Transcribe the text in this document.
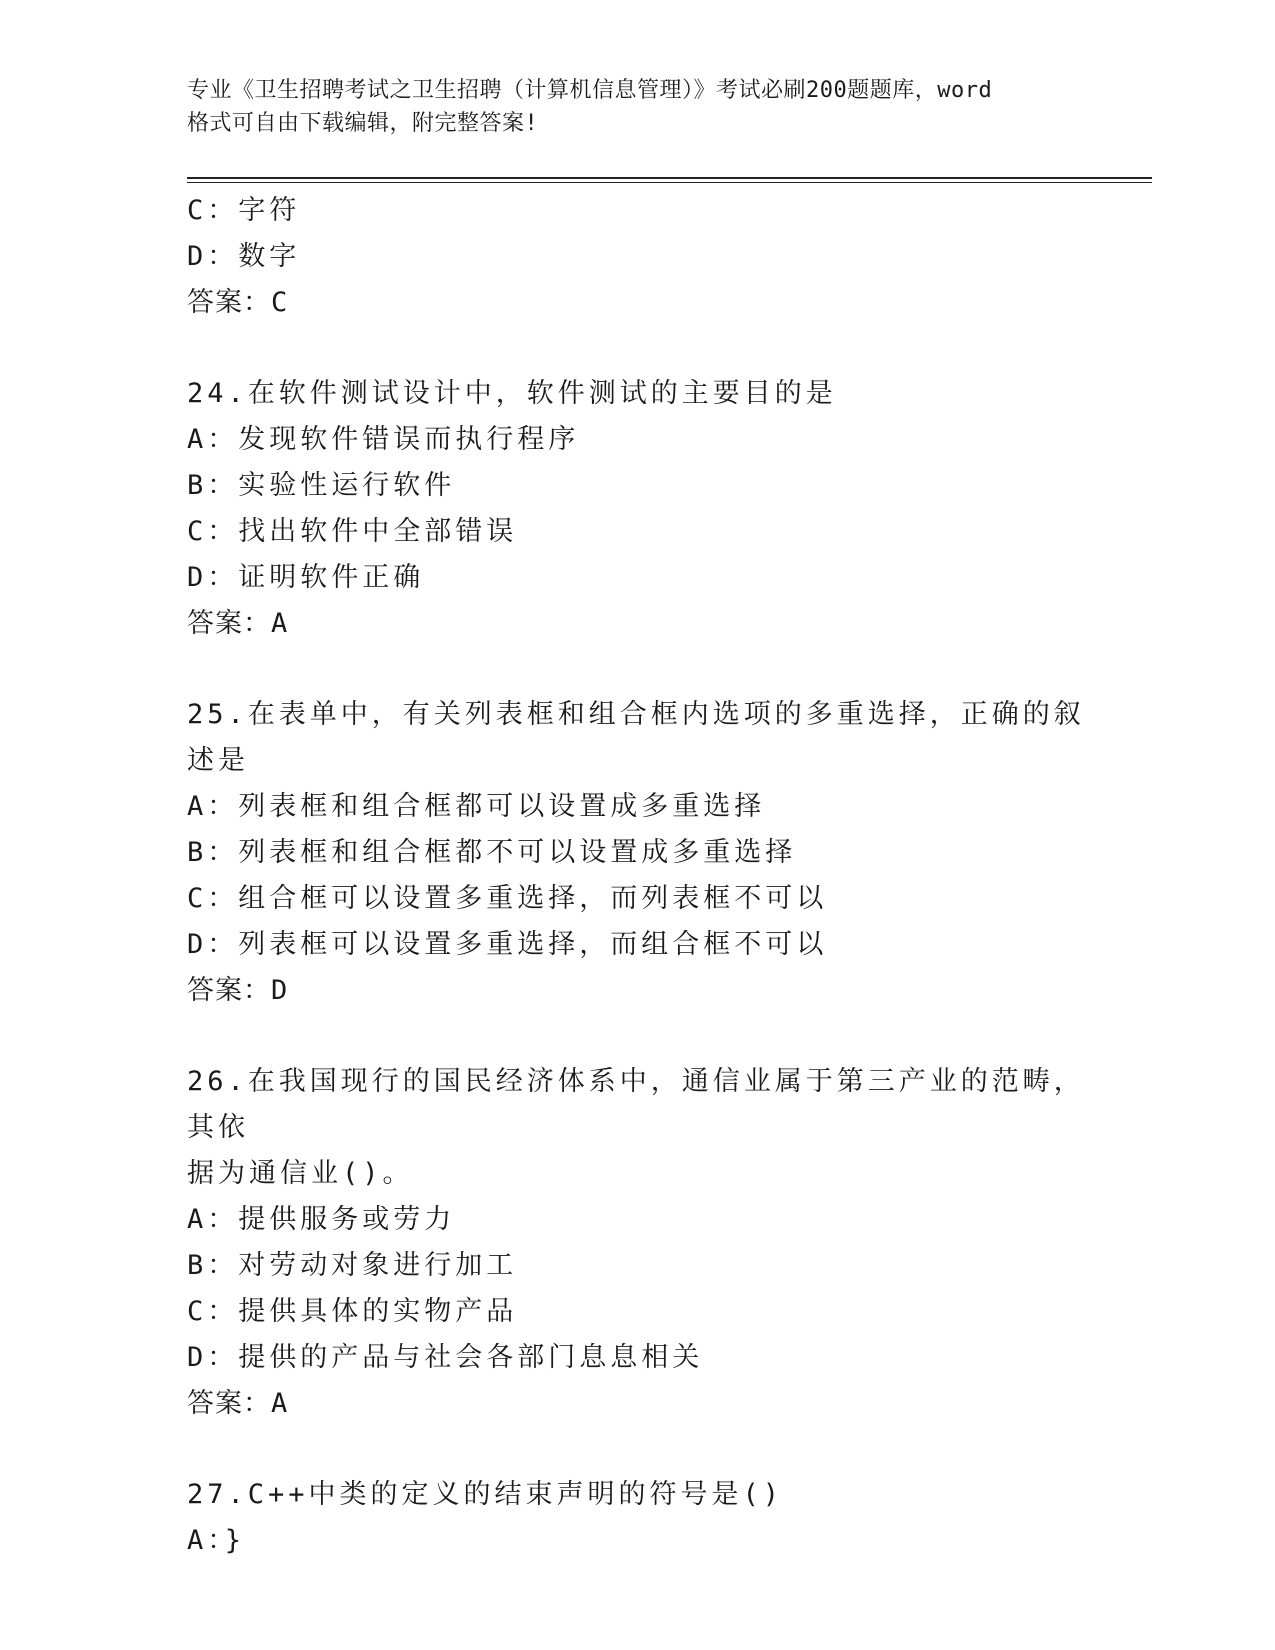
专业《卫生招聘考试之卫生招聘（计算机信息管理）》考试必刷200题题库，word
格式可自由下载编辑，附完整答案!
C：字符
D：数字
答案：C
24.在软件测试设计中，软件测试的主要目的是
A：发现软件错误而执行程序
B：实验性运行软件
C：找出软件中全部错误
D：证明软件正确
答案：A
25.在表单中，有关列表框和组合框内选项的多重选择，正确的叙述是
A：列表框和组合框都可以设置成多重选择
B：列表框和组合框都不可以设置成多重选择
C：组合框可以设置多重选择，而列表框不可以
D：列表框可以设置多重选择，而组合框不可以
答案：D
26.在我国现行的国民经济体系中，通信业属于第三产业的范畴，其依
据为通信业()。
A：提供服务或劳力
B：对劳动对象进行加工
C：提供具体的实物产品
D：提供的产品与社会各部门息息相关
答案：A
27.C++中类的定义的结束声明的符号是()
A：}
